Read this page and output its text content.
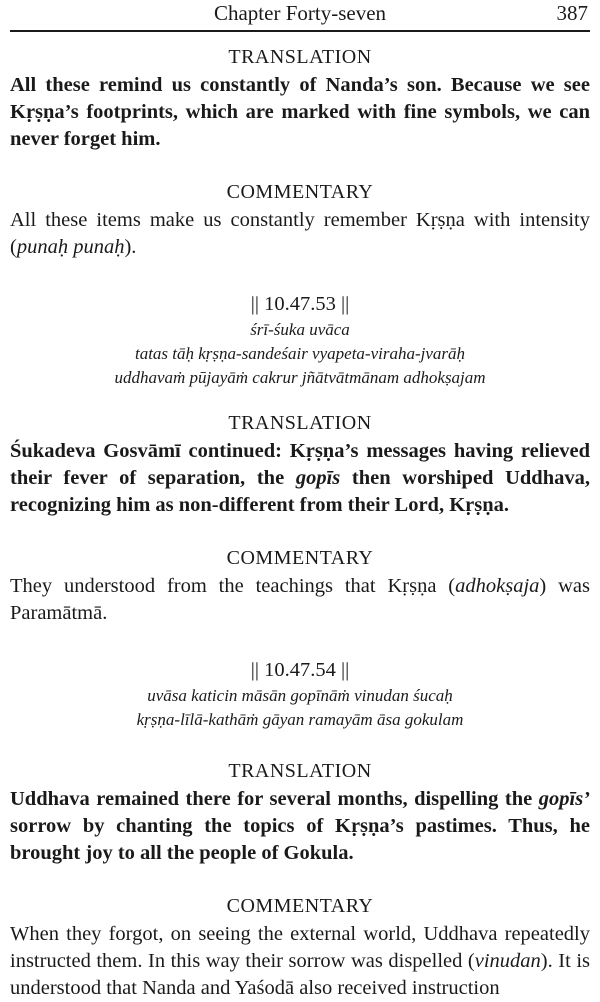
Chapter Forty-seven	387

TRANSLATION

All these remind us constantly of Nanda’s son. Because we see Kṛṣṇa’s footprints, which are marked with fine symbols, we can never forget him.

COMMENTARY

All these items make us constantly remember Kṛṣṇa with intensity (punaḥ punaḥ).

|| 10.47.53 ||

śrī-śuka uvāca

tatas tāḥ kṛṣṇa-sandeśair vyapeta-viraha-jvarāḥ

uddhavaṁ pūjayāṁ cakrur jñātvātmānam adhokṣajam

TRANSLATION

Śukadeva Gosvāmī continued: Kṛṣṇa’s messages having relieved their fever of separation, the gopīs then worshiped Uddhava, recognizing him as non-different from their Lord, Kṛṣṇa.

COMMENTARY

They understood from the teachings that Kṛṣṇa (adhokṣaja) was Paramātmā.

|| 10.47.54 ||

uvāsa katicin māsān gopīnāṁ vinudan śucaḥ

kṛṣṇa-līlā-kathāṁ gāyan ramayām āsa gokulam

TRANSLATION

Uddhava remained there for several months, dispelling the gopīs’ sorrow by chanting the topics of Kṛṣṇa’s pastimes. Thus, he brought joy to all the people of Gokula.

COMMENTARY

When they forgot, on seeing the external world, Uddhava repeatedly instructed them. In this way their sorrow was dispelled (vinudan). It is understood that Nanda and Yaśodā also received instruction
